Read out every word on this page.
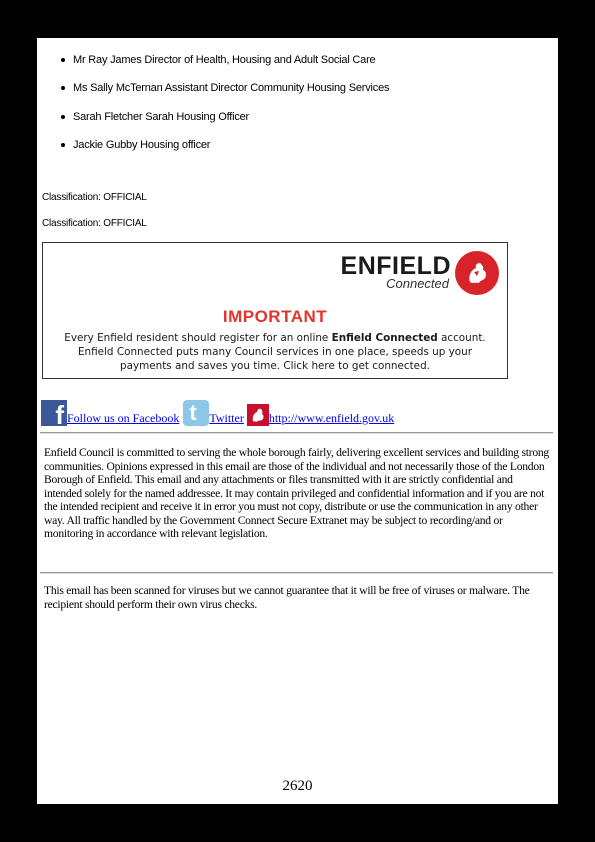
Mr Ray James Director of Health, Housing and Adult Social Care
Ms Sally McTernan Assistant Director Community Housing Services
Sarah Fletcher Sarah Housing Officer
Jackie Gubby Housing officer
Classification: OFFICIAL
Classification: OFFICIAL
ENFIELD
Connected
IMPORTANT
Every Enfield resident should register for an online Enfield Connected account.
Enfield Connected puts many Council services in one place, speeds up your
payments and saves you time. Click here to get connected.
f Follow us on Facebook t Twitter http://www.enfield.gov.uk
Enfield Council is committed to serving the whole borough fairly, delivering excellent services and building strong communities. Opinions expressed in this email are those of the individual and not necessarily those of the London Borough of Enfield. This email and any attachments or files transmitted with it are strictly confidential and intended solely for the named addressee. It may contain privileged and confidential information and if you are not the intended recipient and receive it in error you must not copy, distribute or use the communication in any other way. All traffic handled by the Government Connect Secure Extranet may be subject to recording/and or monitoring in accordance with relevant legislation.
This email has been scanned for viruses but we cannot guarantee that it will be free of viruses or malware. The recipient should perform their own virus checks.
2620
